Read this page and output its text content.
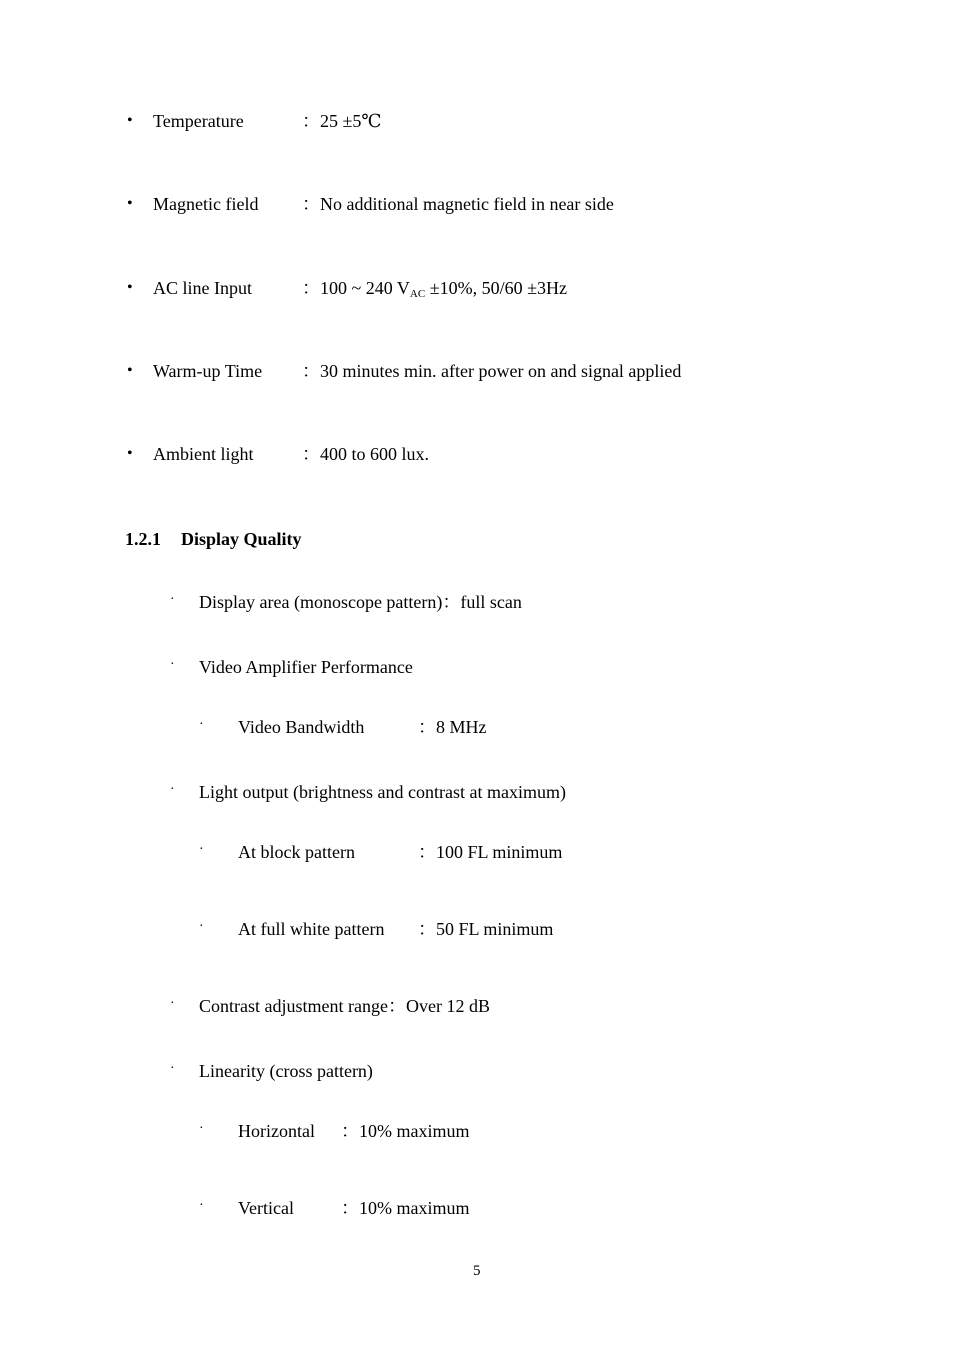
• Temperature	：25 ±5℃
• Magnetic field ：No additional magnetic field in near side
• AC line Input	：100 ~ 240 $V_{AC} \pm 10\%$, 50/60 ±3Hz
• Warm-up Time ：30 minutes min. after power on and signal applied
• Ambient light	：400 to 600 lux.
1.2.1 Display Quality
· Display area (monoscope pattern)：full scan
· Video Amplifier Performance
· Video Bandwidth	：8 MHz
· Light output (brightness and contrast at maximum)
· At block pattern	：100 FL minimum
· At full white pattern ：50 FL minimum
· Contrast adjustment range：Over 12 dB
· Linearity (cross pattern)
· Horizontal ：10% maximum
· Vertical	：10% maximum
5
